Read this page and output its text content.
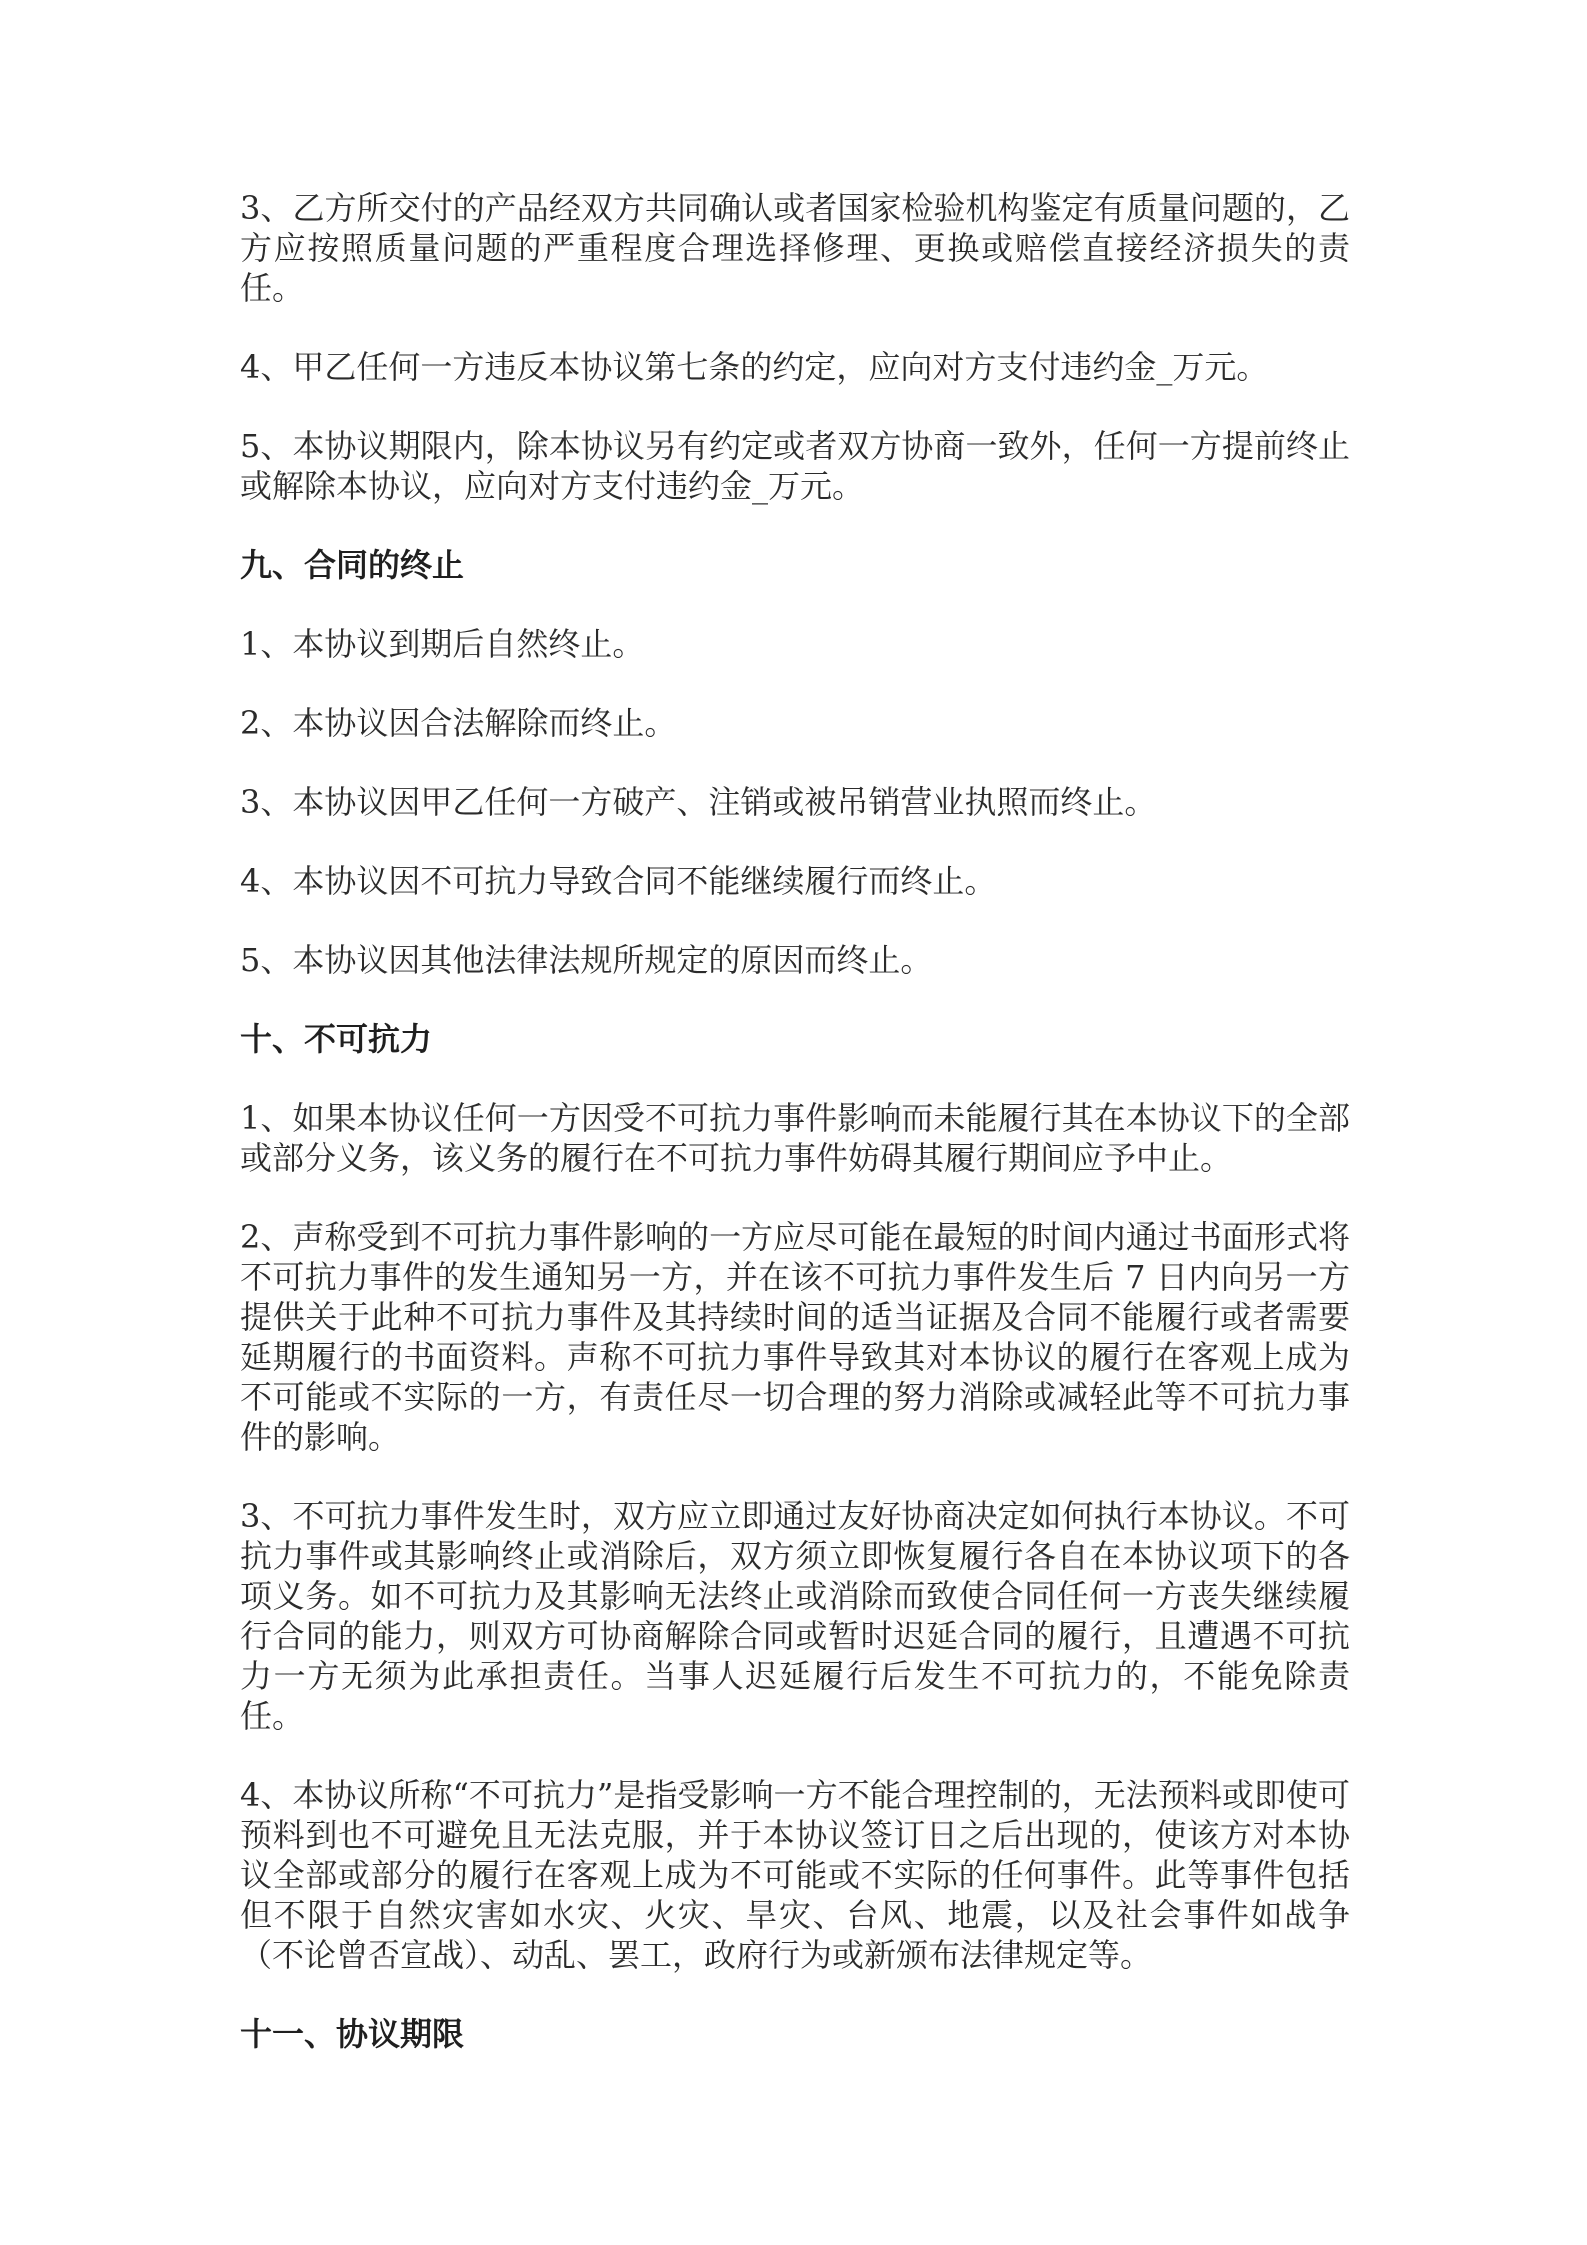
3、乙方所交付的产品经双方共同确认或者国家检验机构鉴定有质量问题的，乙方应按照质量问题的严重程度合理选择修理、更换或赔偿直接经济损失的责任。

4、甲乙任何一方违反本协议第七条的约定，应向对方支付违约金_万元。

5、本协议期限内，除本协议另有约定或者双方协商一致外，任何一方提前终止或解除本协议，应向对方支付违约金_万元。

九、合同的终止

1、本协议到期后自然终止。

2、本协议因合法解除而终止。

3、本协议因甲乙任何一方破产、注销或被吊销营业执照而终止。

4、本协议因不可抗力导致合同不能继续履行而终止。

5、本协议因其他法律法规所规定的原因而终止。

十、不可抗力

1、如果本协议任何一方因受不可抗力事件影响而未能履行其在本协议下的全部或部分义务，该义务的履行在不可抗力事件妨碍其履行期间应予中止。

2、声称受到不可抗力事件影响的一方应尽可能在最短的时间内通过书面形式将不可抗力事件的发生通知另一方，并在该不可抗力事件发生后 7 日内向另一方提供关于此种不可抗力事件及其持续时间的适当证据及合同不能履行或者需要延期履行的书面资料。声称不可抗力事件导致其对本协议的履行在客观上成为不可能或不实际的一方，有责任尽一切合理的努力消除或减轻此等不可抗力事件的影响。

3、不可抗力事件发生时，双方应立即通过友好协商决定如何执行本协议。不可抗力事件或其影响终止或消除后，双方须立即恢复履行各自在本协议项下的各项义务。如不可抗力及其影响无法终止或消除而致使合同任何一方丧失继续履行合同的能力，则双方可协商解除合同或暂时迟延合同的履行，且遭遇不可抗力一方无须为此承担责任。当事人迟延履行后发生不可抗力的，不能免除责任。

4、本协议所称“不可抗力”是指受影响一方不能合理控制的，无法预料或即使可预料到也不可避免且无法克服，并于本协议签订日之后出现的，使该方对本协议全部或部分的履行在客观上成为不可能或不实际的任何事件。此等事件包括但不限于自然灾害如水灾、火灾、旱灾、台风、地震，以及社会事件如战争（不论曾否宣战）、动乱、罢工，政府行为或新颁布法律规定等。

十一、协议期限
